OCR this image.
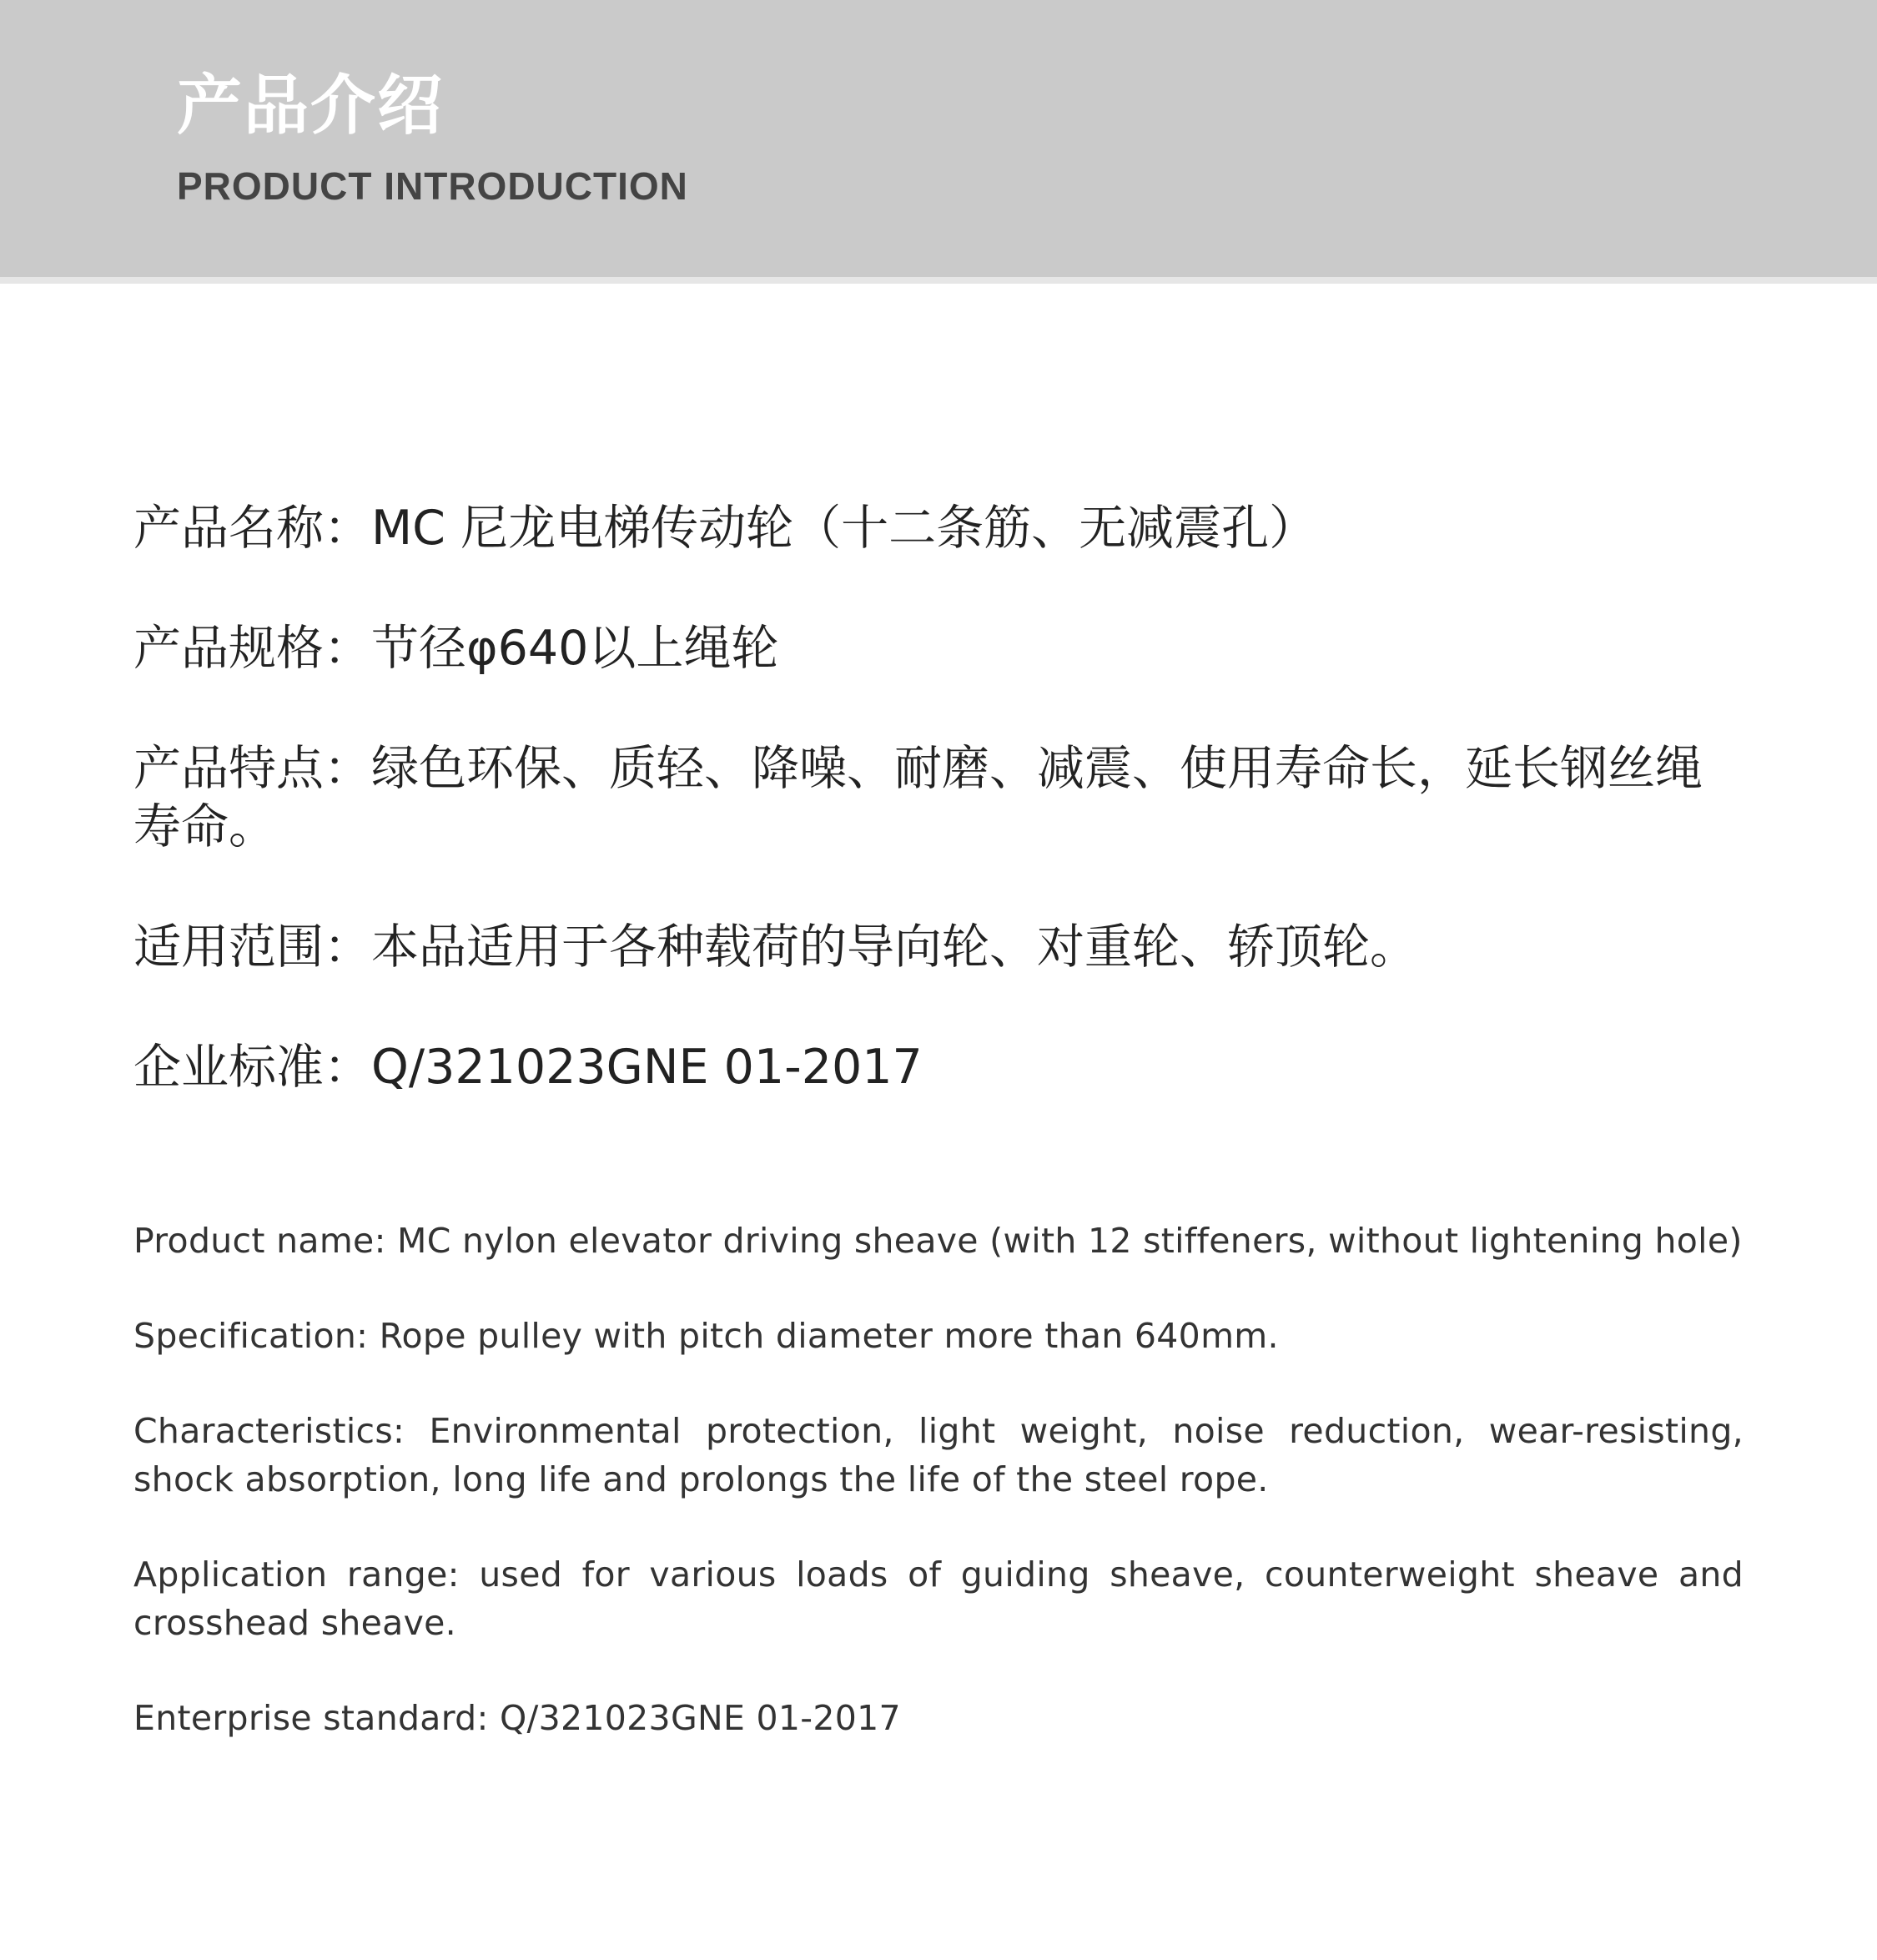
产品介绍
PRODUCT INTRODUCTION
产品名称：MC 尼龙电梯传动轮（十二条筋、无减震孔）
产品规格：节径φ640以上绳轮
产品特点：绿色环保、质轻、降噪、耐磨、减震、使用寿命长，延长钢丝绳寿命。
适用范围：本品适用于各种载荷的导向轮、对重轮、轿顶轮。
企业标准：Q/321023GNE 01-2017
Product name: MC nylon elevator driving sheave (with 12 stiffeners, without lightening hole)
Specification: Rope pulley with pitch diameter more than 640mm.
Characteristics: Environmental protection, light weight, noise reduction, wear-resisting, shock absorption, long life and prolongs the life of the steel rope.
Application range: used for various loads of guiding sheave, counterweight sheave and crosshead sheave.
Enterprise standard: Q/321023GNE 01-2017
